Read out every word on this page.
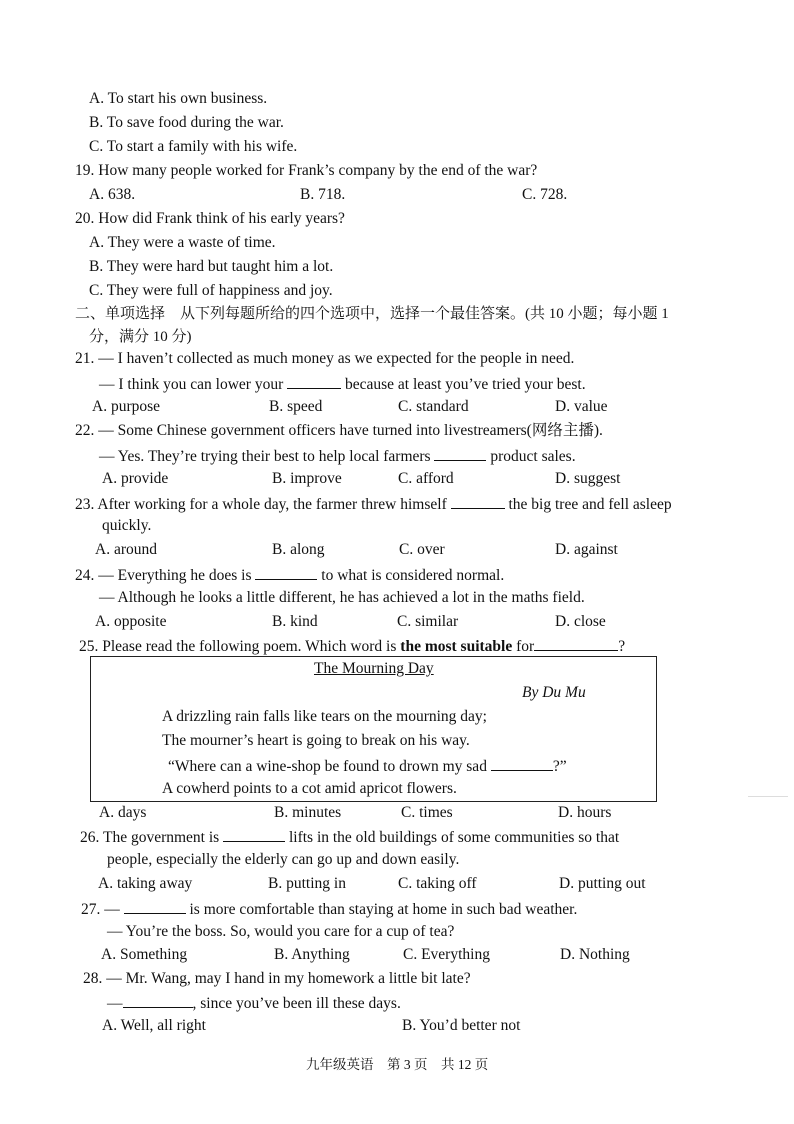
A. To start his own business.
B. To save food during the war.
C. To start a family with his wife.
19. How many people worked for Frank’s company by the end of the war?
A. 638.	B. 718.	C. 728.
20. How did Frank think of his early years?
A. They were a waste of time.
B. They were hard but taught him a lot.
C. They were full of happiness and joy.
二、单项选择　从下列每题所给的四个选项中，选择一个最佳答案。(共 10 小题；每小题 1
分，满分 10 分)
21. — I haven’t collected as much money as we expected for the people in need.
— I think you can lower your	because at least you’ve tried your best.
A. purpose	B. speed	C. standard	D. value
22. — Some Chinese government officers have turned into livestreamers(网络主播).
— Yes. They’re trying their best to help local farmers	product sales.
A. provide	B. improve	C. afford	D. suggest
23. After working for a whole day, the farmer threw himself	the big tree and fell asleep
quickly.
A. around	B. along	C. over	D. against
24. — Everything he does is	to what is considered normal.
— Although he looks a little different, he has achieved a lot in the maths field.
A. opposite	B. kind	C. similar	D. close
25. Please read the following poem. Which word is the most suitable for	?
The Mourning Day
By Du Mu
A drizzling rain falls like tears on the mourning day;
The mourner’s heart is going to break on his way.
“Where can a wine-shop be found to drown my sad	?”
A cowherd points to a cot amid apricot flowers.
A. days	B. minutes	C. times	D. hours
26. The government is	lifts in the old buildings of some communities so that
people, especially the elderly can go up and down easily.
A. taking away	B. putting in	C. taking off	D. putting out
27. —	is more comfortable than staying at home in such bad weather.
— You’re the boss. So, would you care for a cup of tea?
A. Something	B. Anything	C. Everything	D. Nothing
28. — Mr. Wang, may I hand in my homework a little bit late?
—	, since you’ve been ill these days.
A. Well, all right	B. You’d better not
九年级英语　第 3 页　共 12 页
